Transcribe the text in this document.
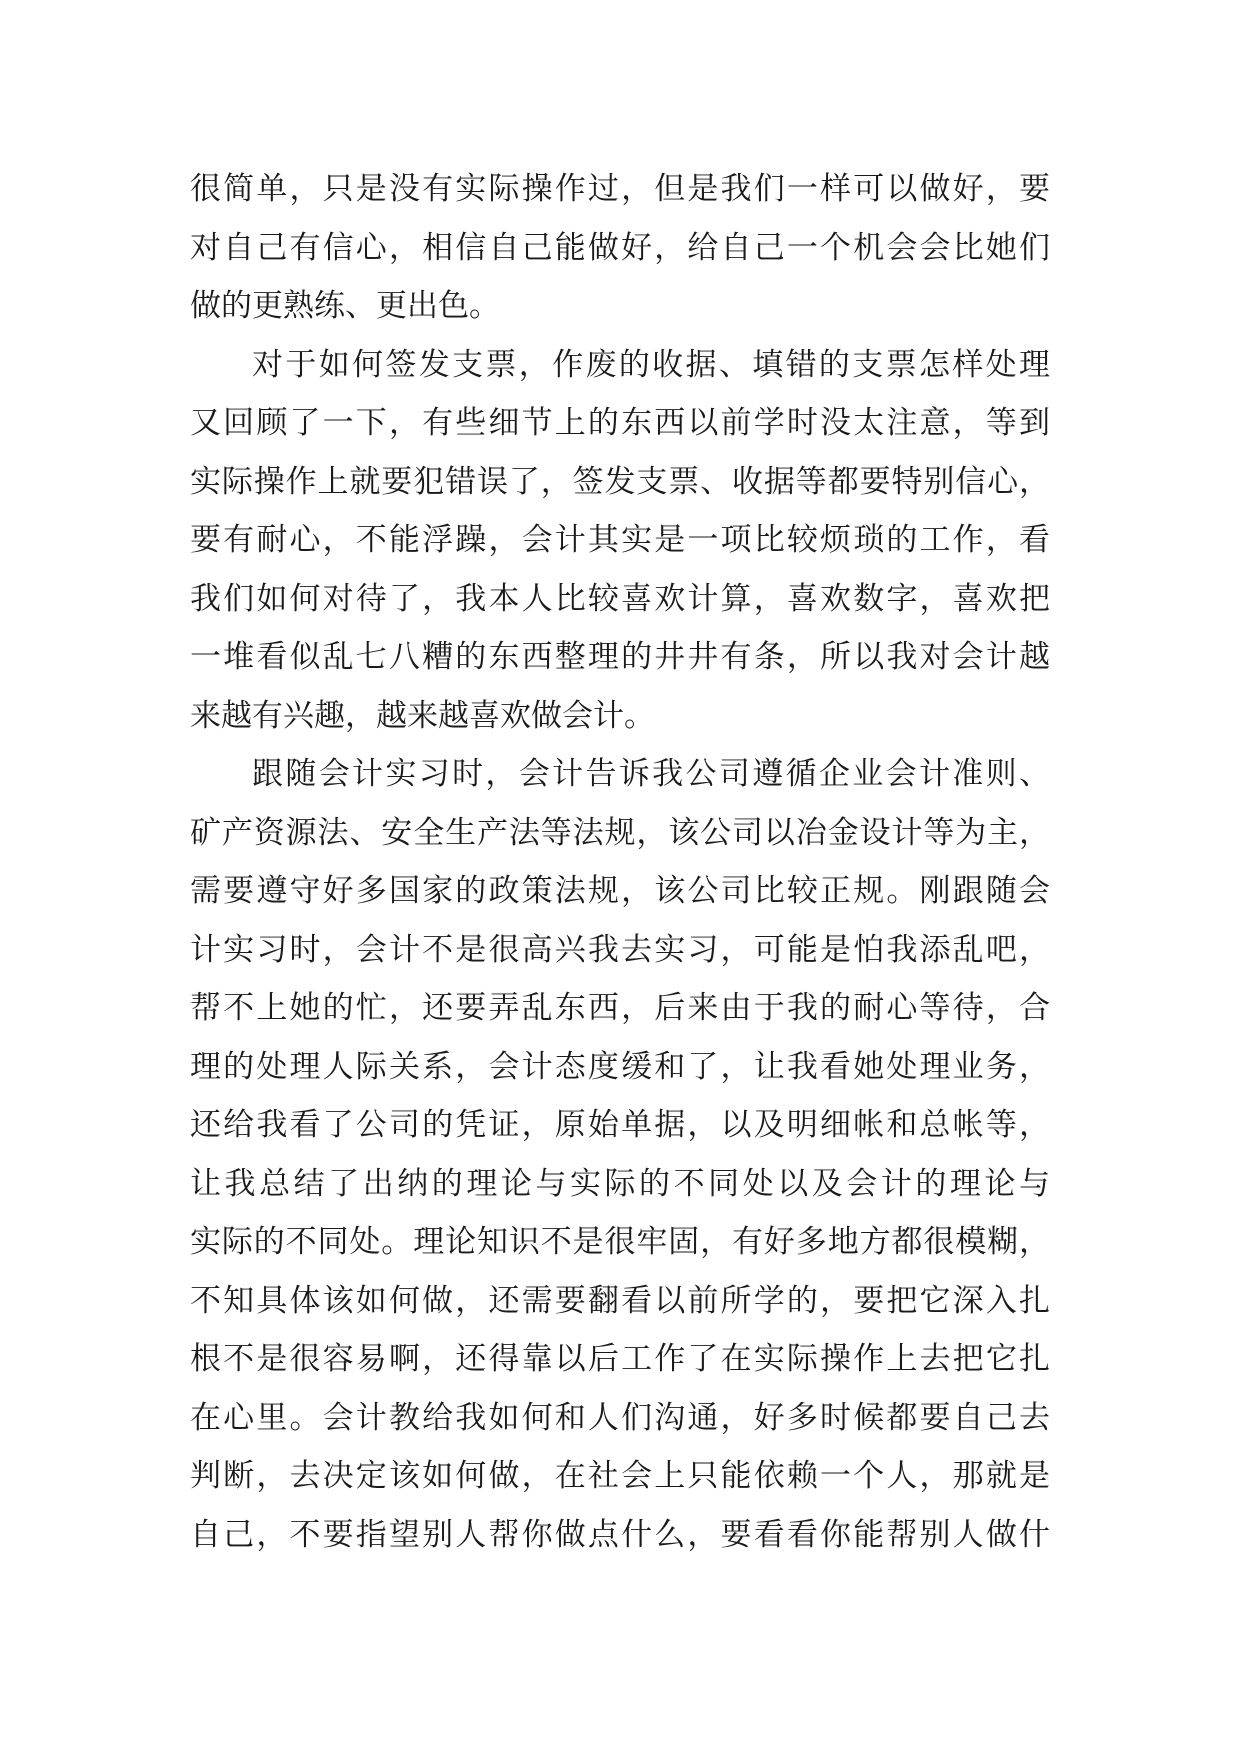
很简单，只是没有实际操作过，但是我们一样可以做好，要
对自己有信心，相信自己能做好，给自己一个机会会比她们
做的更熟练、更出色。
对于如何签发支票，作废的收据、填错的支票怎样处理
又回顾了一下，有些细节上的东西以前学时没太注意，等到
实际操作上就要犯错误了，签发支票、收据等都要特别信心，
要有耐心，不能浮躁，会计其实是一项比较烦琐的工作，看
我们如何对待了，我本人比较喜欢计算，喜欢数字，喜欢把
一堆看似乱七八糟的东西整理的井井有条，所以我对会计越
来越有兴趣，越来越喜欢做会计。
跟随会计实习时，会计告诉我公司遵循企业会计准则、
矿产资源法、安全生产法等法规，该公司以冶金设计等为主，
需要遵守好多国家的政策法规，该公司比较正规。刚跟随会
计实习时，会计不是很高兴我去实习，可能是怕我添乱吧，
帮不上她的忙，还要弄乱东西，后来由于我的耐心等待，合
理的处理人际关系，会计态度缓和了，让我看她处理业务，
还给我看了公司的凭证，原始单据，以及明细帐和总帐等，
让我总结了出纳的理论与实际的不同处以及会计的理论与
实际的不同处。理论知识不是很牢固，有好多地方都很模糊，
不知具体该如何做，还需要翻看以前所学的，要把它深入扎
根不是很容易啊，还得靠以后工作了在实际操作上去把它扎
在心里。会计教给我如何和人们沟通，好多时候都要自己去
判断，去决定该如何做，在社会上只能依赖一个人，那就是
自己，不要指望别人帮你做点什么，要看看你能帮别人做什
